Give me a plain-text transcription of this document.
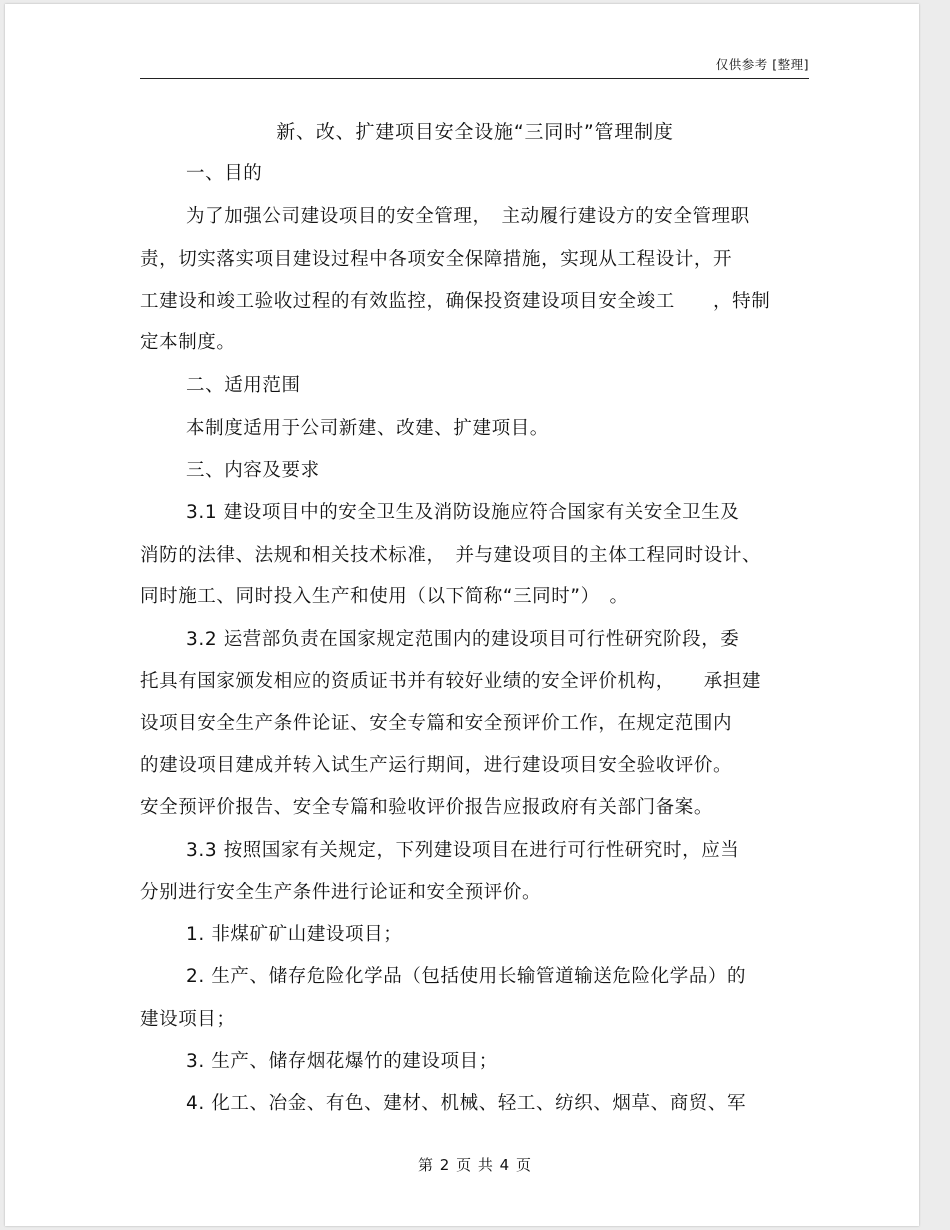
仅供参考 [整理]
新、改、扩建项目安全设施“三同时”管理制度
一、目的
为了加强公司建设项目的安全管理，　主动履行建设方的安全管理职
责，切实落实项目建设过程中各项安全保障措施，实现从工程设计，开
工建设和竣工验收过程的有效监控，确保投资建设项目安全竣工　　，特制
定本制度。
二、适用范围
本制度适用于公司新建、改建、扩建项目。
三、内容及要求
3.1 建设项目中的安全卫生及消防设施应符合国家有关安全卫生及
消防的法律、法规和相关技术标准，　并与建设项目的主体工程同时设计、
同时施工、同时投入生产和使用（以下简称“三同时”）　。
3.2 运营部负责在国家规定范围内的建设项目可行性研究阶段，委
托具有国家颁发相应的资质证书并有较好业绩的安全评价机构，　　承担建
设项目安全生产条件论证、安全专篇和安全预评价工作，在规定范围内
的建设项目建成并转入试生产运行期间，进行建设项目安全验收评价。
安全预评价报告、安全专篇和验收评价报告应报政府有关部门备案。
3.3 按照国家有关规定，下列建设项目在进行可行性研究时，应当
分别进行安全生产条件进行论证和安全预评价。
1. 非煤矿矿山建设项目；
2. 生产、储存危险化学品（包括使用长输管道输送危险化学品）的
建设项目；
3. 生产、储存烟花爆竹的建设项目；
4. 化工、冶金、有色、建材、机械、轻工、纺织、烟草、商贸、军
第 2 页 共 4 页
